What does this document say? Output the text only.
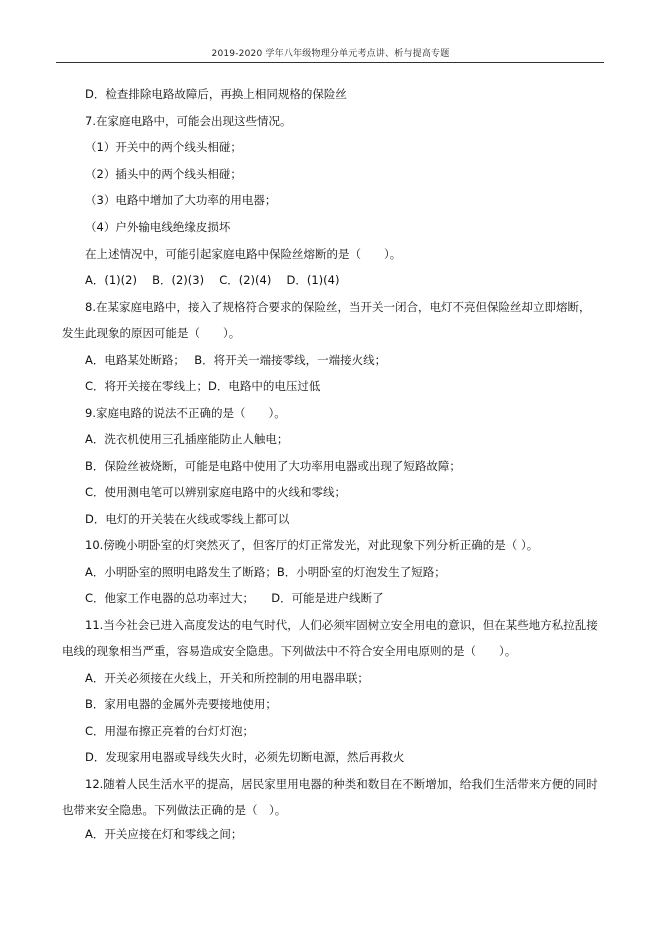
2019-2020 学年八年级物理分单元考点讲、析与提高专题
D．检查排除电路故障后，再换上相同规格的保险丝
7.在家庭电路中，可能会出现这些情况。
（1）开关中的两个线头相碰；
（2）插头中的两个线头相碰；
（3）电路中增加了大功率的用电器；
（4）户外输电线绝缘皮损坏
在上述情况中，可能引起家庭电路中保险丝熔断的是（　　）。
A．(1)(2)　 B．(2)(3)　 C．(2)(4)　 D．(1)(4)
8.在某家庭电路中，接入了规格符合要求的保险丝，当开关一闭合，电灯不亮但保险丝却立即熔断，
发生此现象的原因可能是（　　）。
A．电路某处断路；　 B．将开关一端接零线，一端接火线；
C．将开关接在零线上；D．电路中的电压过低
9.家庭电路的说法不正确的是（　　）。
A．洗衣机使用三孔插座能防止人触电；
B．保险丝被烧断，可能是电路中使用了大功率用电器或出现了短路故障；
C．使用测电笔可以辨别家庭电路中的火线和零线；
D．电灯的开关装在火线或零线上都可以
10.傍晚小明卧室的灯突然灭了，但客厅的灯正常发光，对此现象下列分析正确的是（ ）。
A．小明卧室的照明电路发生了断路；B．小明卧室的灯泡发生了短路；
C．他家工作电器的总功率过大；　　D．可能是进户线断了
11.当今社会已进入高度发达的电气时代，人们必须牢固树立安全用电的意识，但在某些地方私拉乱接
电线的现象相当严重，容易造成安全隐患。下列做法中不符合安全用电原则的是（　　）。
A．开关必须接在火线上，开关和所控制的用电器串联；
B．家用电器的金属外壳要接地使用；
C．用湿布擦正亮着的台灯灯泡；
D．发现家用电器或导线失火时，必须先切断电源，然后再救火
12.随着人民生活水平的提高，居民家里用电器的种类和数目在不断增加，给我们生活带来方便的同时
也带来安全隐患。下列做法正确的是（　）。
A．开关应接在灯和零线之间；
